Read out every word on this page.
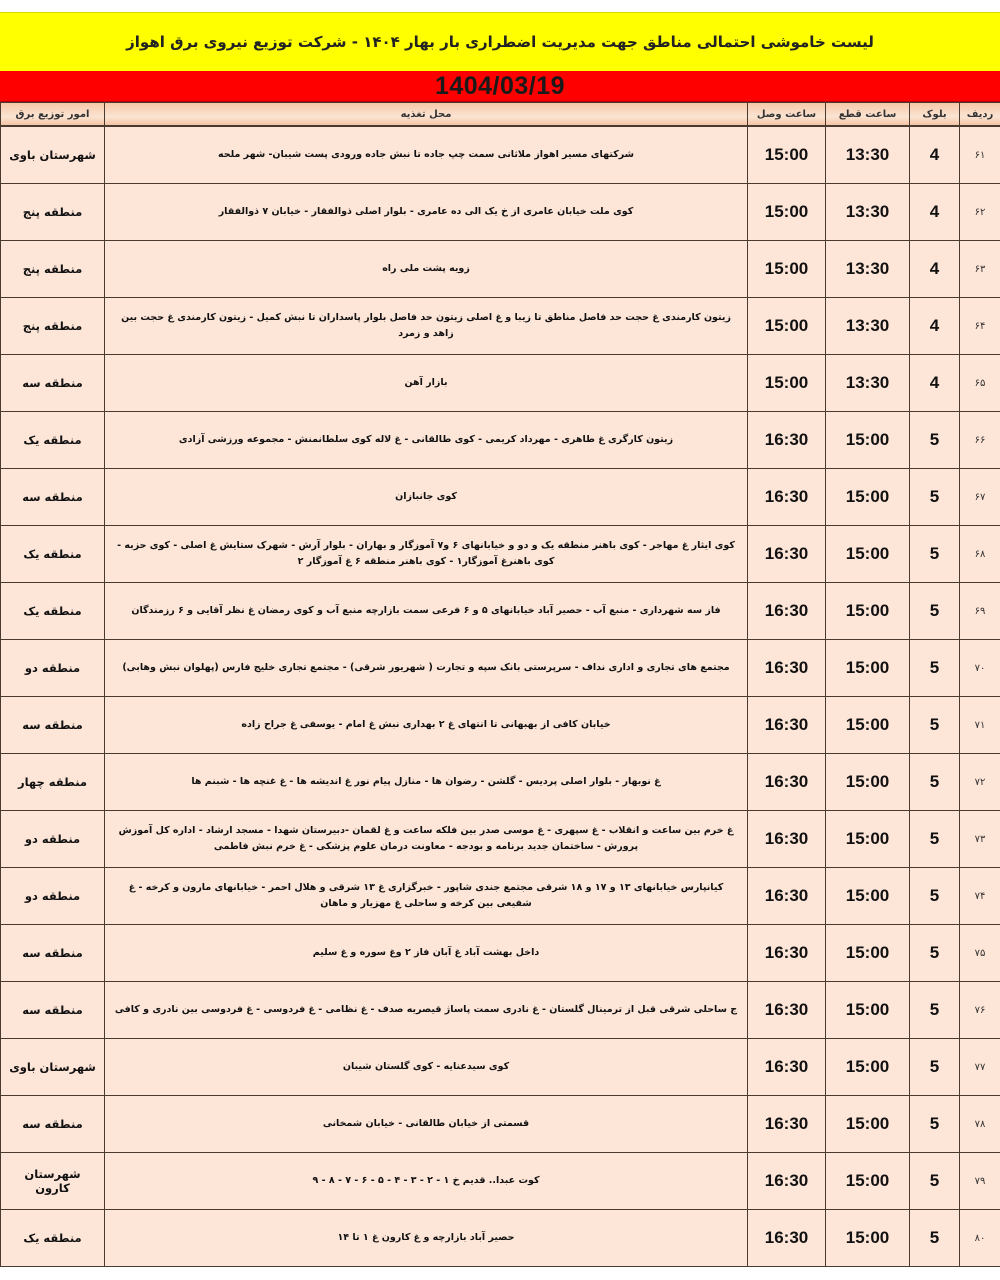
لیست خاموشی احتمالی مناطق جهت مدیریت اضطراری بار بهار ۱۴۰۴ - شرکت توزیع نیروی برق اهواز
1404/03/19
ردیف	بلوک	ساعت قطع	ساعت وصل	محل تغذیه	امور توزیع برق
۶۱	4	13:30	15:00	شرکتهای مسیر اهواز ملاثانی سمت چپ جاده تا نبش جاده ورودی پست شیبان- شهر ملحه	شهرستان باوی
۶۲	4	13:30	15:00	کوی ملت خیابان عامری از خ یک الی ده عامری - بلوار اصلی ذوالفقار - خیابان ۷ ذوالفقار	منطقه پنج
۶۳	4	13:30	15:00	زویه پشت ملی راه	منطقه پنج
۶۴	4	13:30	15:00	زیتون کارمندی غ حجت حد فاصل مناطق تا زیبا و غ اصلی زیتون حد فاصل بلوار پاسداران تا نبش کمیل - زیتون کارمندی غ حجت بین زاهد و زمرد	منطقه پنج
۶۵	4	13:30	15:00	بازار آهن	منطقه سه
۶۶	5	15:00	16:30	زیتون کارگری غ طاهری - مهرداد کریمی - کوی طالقانی - غ لاله کوی سلطانمنش - مجموعه ورزشی آزادی	منطقه یک
۶۷	5	15:00	16:30	کوی جانبازان	منطقه سه
۶۸	5	15:00	16:30	کوی ایثار غ مهاجر - کوی باهنر منطقه یک و دو و خیابانهای ۶ و۷ آموزگار و بهاران - بلوار آرش - شهرک ستایش غ اصلی - کوی حزبه - کوی باهنرغ آموزگار۱ - کوی باهنر منطقه ۶ غ آموزگار ۲	منطقه یک
۶۹	5	15:00	16:30	فاز سه شهرداری - منبع آب - حصیر آباد خیابانهای ۵ و ۶ فرعی سمت بازارچه منبع آب و کوی رمضان غ نظر آقایی و ۶ رزمندگان	منطقه یک
۷۰	5	15:00	16:30	مجتمع های تجاری و اداری نداف - سرپرستی بانک سپه و تجارت ( شهریور شرقی) - مجتمع تجاری خلیج فارس (پهلوان نبش وهابی)	منطقه دو
۷۱	5	15:00	16:30	خیابان کافی از بهبهانی تا انتهای غ ۲ بهداری نبش غ امام - یوسفی غ جراح زاده	منطقه سه
۷۲	5	15:00	16:30	غ نوبهار - بلوار اصلی پردیس - گلشن - رضوان ها - منازل پیام نور غ اندیشه ها - غ غنچه ها - شبنم ها	منطقه چهار
۷۳	5	15:00	16:30	غ خرم بین ساعت و انقلاب - غ سپهری - غ موسی صدر بین فلکه ساعت و غ لقمان -دبیرستان شهدا - مسجد ارشاد - اداره کل آموزش پرورش - ساختمان جدید برنامه و بودجه - معاونت درمان علوم پزشکی - غ خرم نبش فاطمی	منطقه دو
۷۴	5	15:00	16:30	کیانپارس خیابانهای ۱۳ و ۱۷ و ۱۸ شرقی مجتمع جندی شاپور - خبرگزاری غ ۱۳ شرقی و هلال احمر - خیابانهای مارون و کرخه - غ شفیعی بین کرخه و ساحلی غ مهزیار و ماهان	منطقه دو
۷۵	5	15:00	16:30	داخل بهشت آباد غ آبان فاز ۲ وغ سوره و غ سلیم	منطقه سه
۷۶	5	15:00	16:30	ج ساحلی شرقی قبل از ترمینال گلستان - غ نادری سمت پاساژ قیصریه صدف - غ نظامی - غ فردوسی - غ فردوسی بین نادری و کافی	منطقه سه
۷۷	5	15:00	16:30	کوی سیدعنایه - کوی گلستان شیبان	شهرستان باوی
۷۸	5	15:00	16:30	قسمتی از خیابان طالقانی - خیابان شمخانی	منطقه سه
۷۹	5	15:00	16:30	کوت عبدا.. قدیم خ ۱ - ۲ - ۳ - ۴ - ۵ - ۶ - ۷ - ۸ - ۹	شهرستان کارون
۸۰	5	15:00	16:30	حصیر آباد بازارچه و غ کارون غ ۱ تا ۱۴	منطقه یک
